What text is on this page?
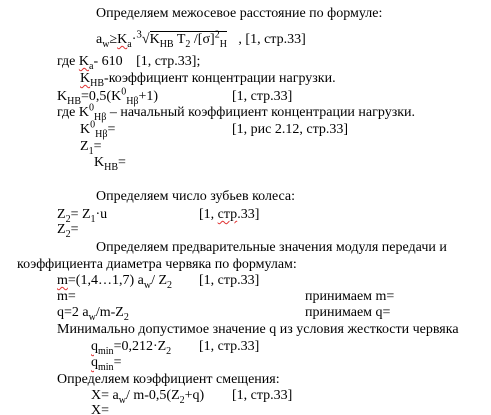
Определяем межосевое расстояние по формуле:
$a_w\ge K_a\cdot^3√K_{HB}$ $T_2$ $/[\sigma]^2_H$ , [1, стр.33]
где $K_a-$ 610 [1, стр.33];
$K_{HB}$-коэффициент концентрации нагрузки.
$K_{HB}=0,5(K^0_{H\beta}+1)$	[1, стр.33]
где $K^0_{H\beta}$ – начальный коэффициент концентрации нагрузки.
$K^0_{H\beta}=$	[1, рис 2.12, стр.33]
$Z_1=$
$K_{HB}=$
Определяем число зубьев колеса:
$Z_2= Z_1\cdot u$	[1, стр.33]
$Z_2=$
Определяем предварительные значения модуля передачи и
коэффициента диаметра червяка по формулам:
m=(1,4…1,7) $a_w/$ $Z_2$ [1, стр.33]
m=	принимаем m=
q=2 $a_w/m-Z_2$	принимаем q=
Минимально допустимое значение q из условия жесткости червяка
$q_{min}=0,212\cdot Z_2$ [1, стр.33]
$q_{min}=$
Определяем коэффициент смещения:
$X= a_w/$ $m-0,5(Z_2+q)$ [1, стр.33]
X=
